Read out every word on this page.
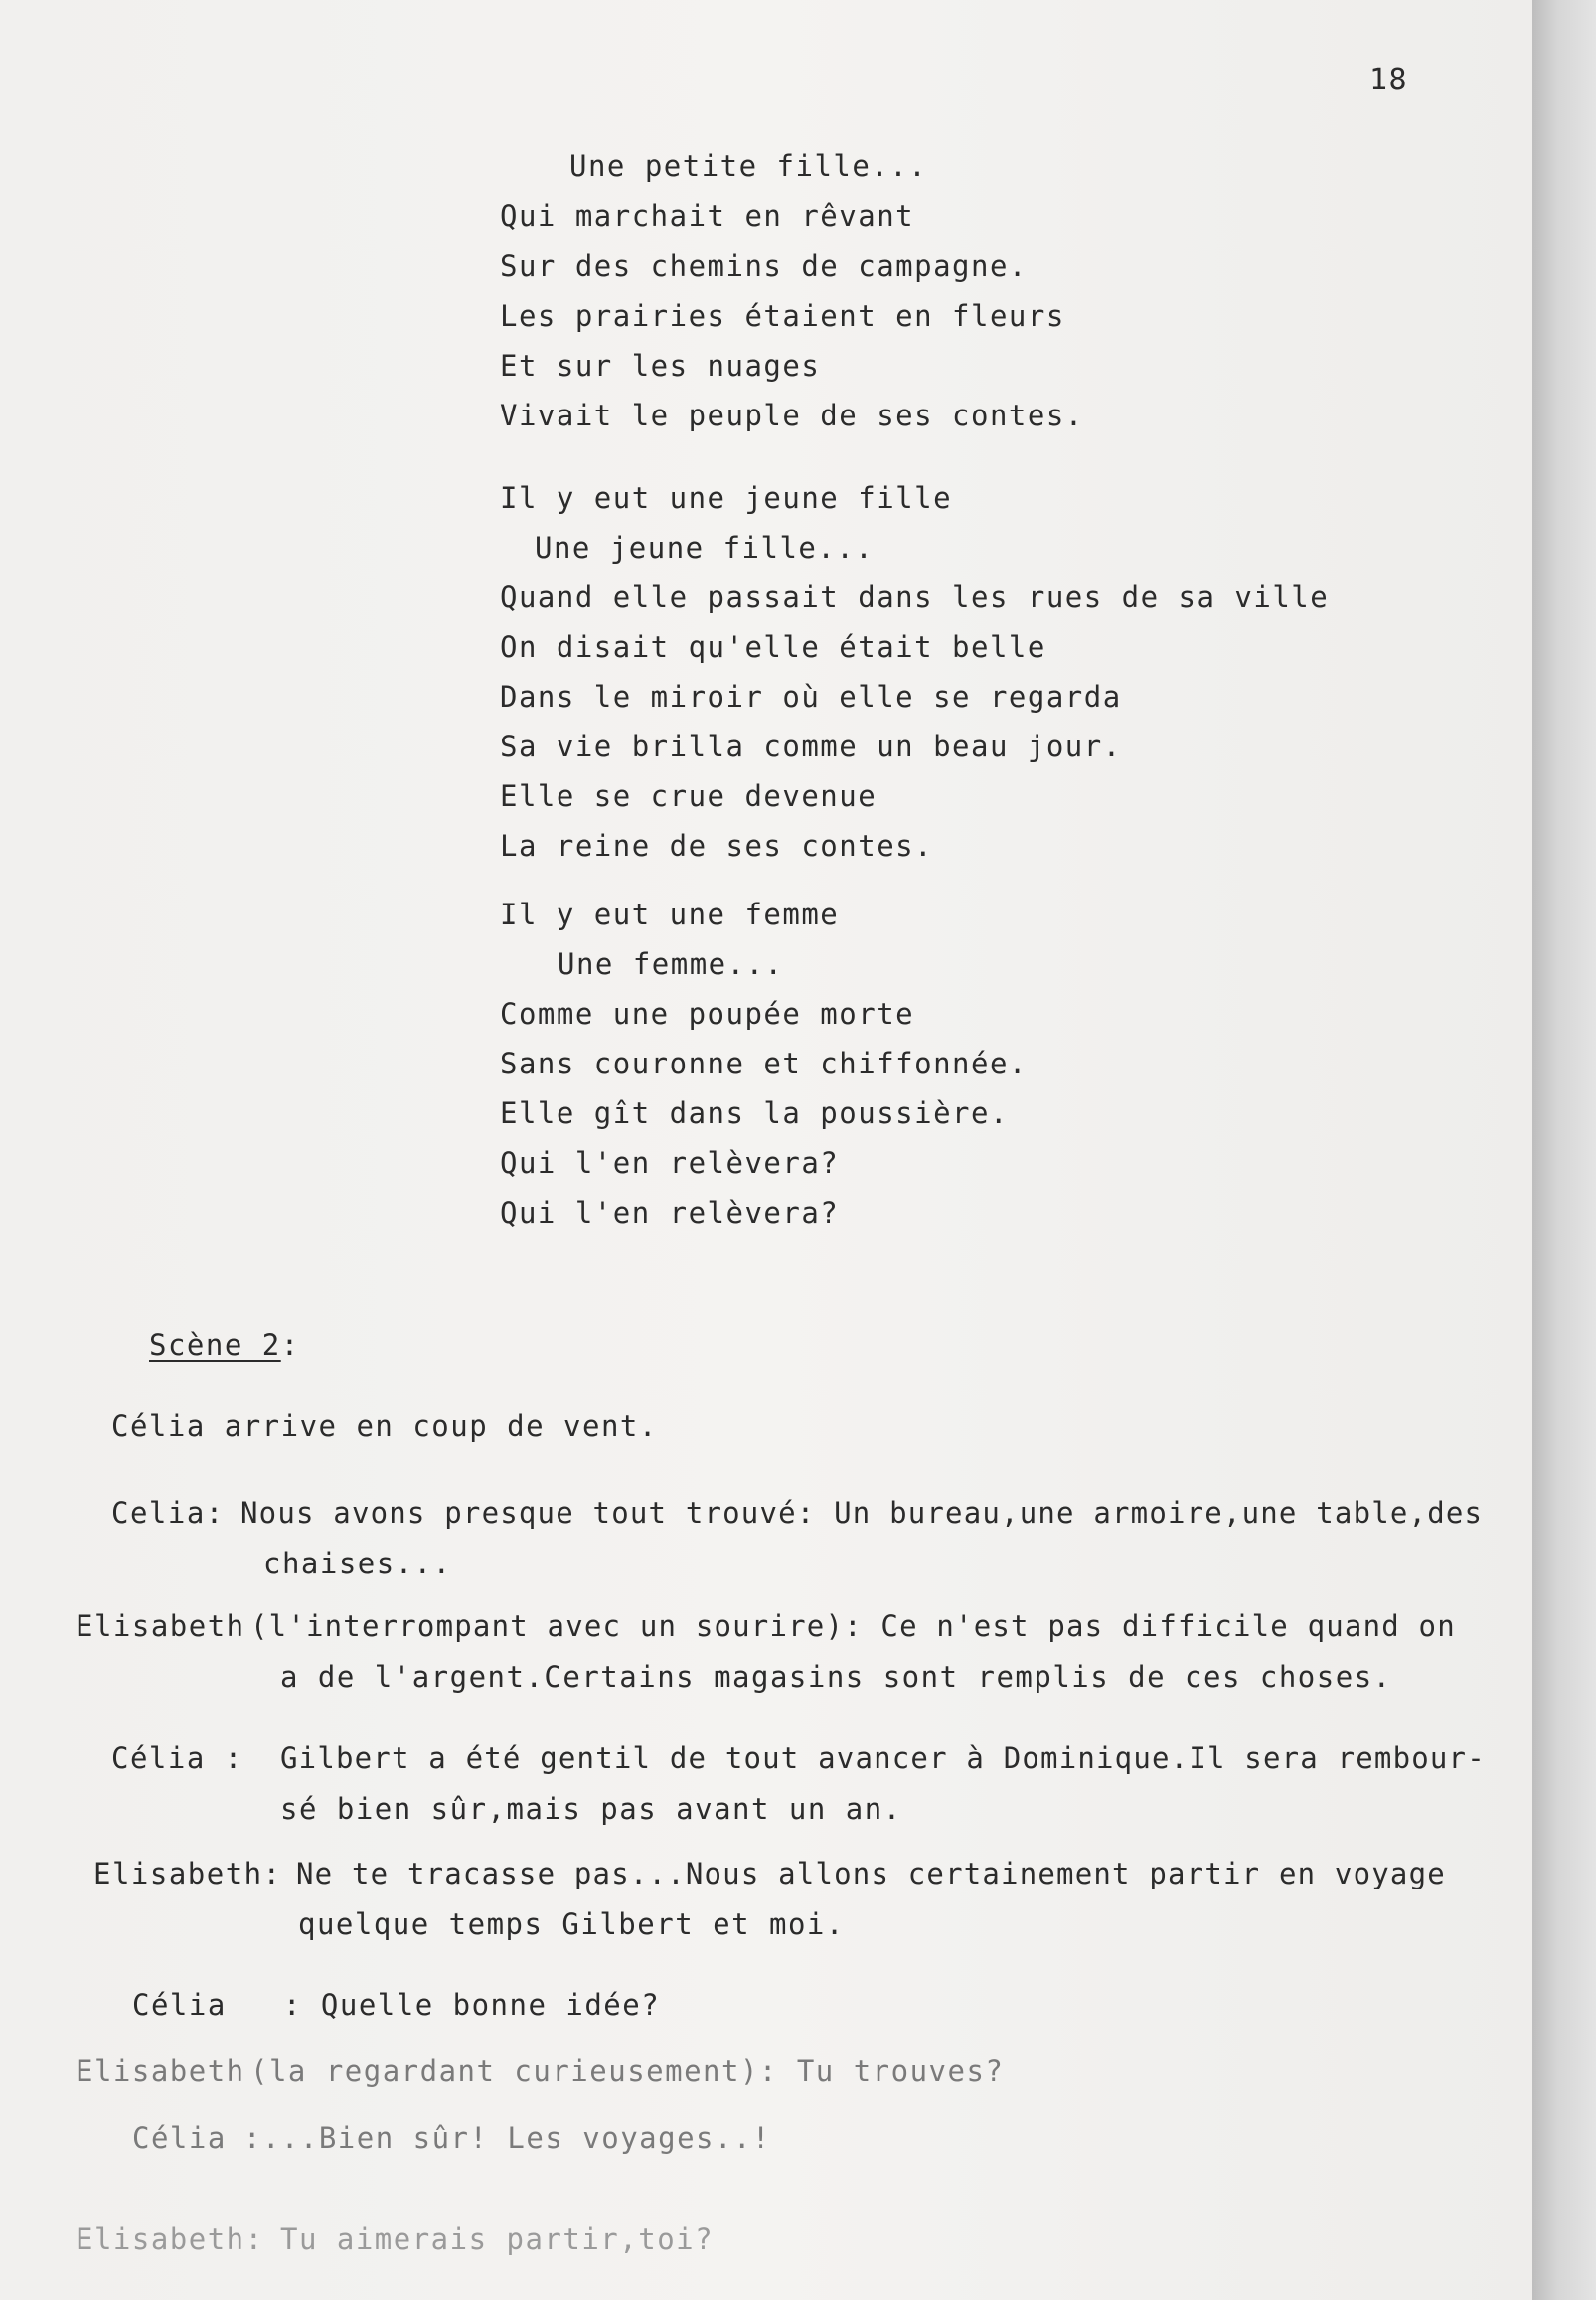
18
Une petite fille...
Qui marchait en rêvant
Sur des chemins de campagne.
Les prairies étaient en fleurs
Et sur les nuages
Vivait le peuple de ses contes.
Il y eut une jeune fille
Une jeune fille...
Quand elle passait dans les rues de sa ville
On disait qu'elle était belle
Dans le miroir où elle se regarda
Sa vie brilla comme un beau jour.
Elle se crue devenue
La reine de ses contes.
Il y eut une femme
Une femme...
Comme une poupée morte
Sans couronne et chiffonnée.
Elle gît dans la poussière.
Qui l'en relèvera?
Qui l'en relèvera?
Scène 2:
Célia arrive en coup de vent.
Celia: Nous avons presque tout trouvé: Un bureau,une armoire,une table,des
chaises...
Elisabeth (l'interrompant avec un sourire): Ce n'est pas difficile quand on
a de l'argent.Certains magasins sont remplis de ces choses.
Célia : Gilbert a été gentil de tout avancer à Dominique.Il sera rembour-
sé bien sûr,mais pas avant un an.
Elisabeth: Ne te tracasse pas...Nous allons certainement partir en voyage
quelque temps Gilbert et moi.
Célia : Quelle bonne idée?
Elisabeth (la regardant curieusement): Tu trouves?
Célia :...Bien sûr! Les voyages..!
Elisabeth: Tu aimerais partir,toi?
